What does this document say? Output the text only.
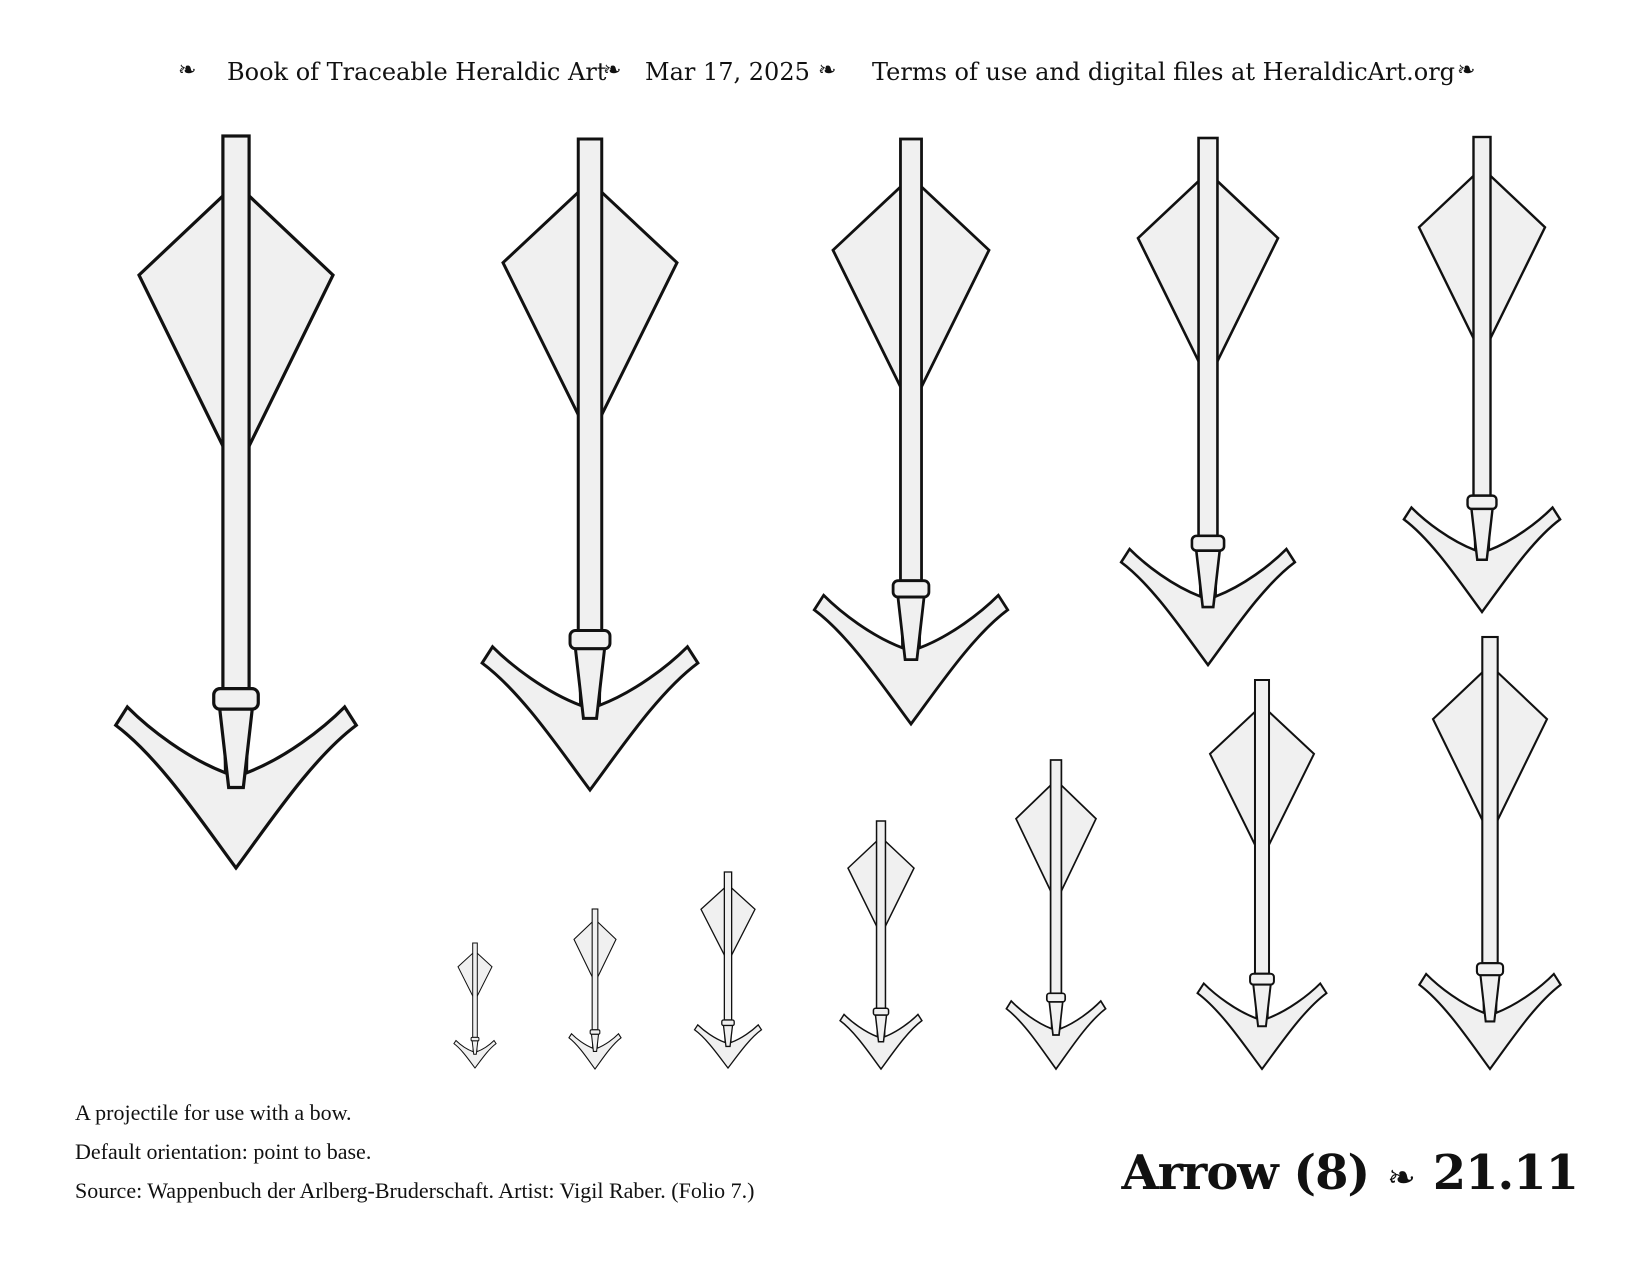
❧ Book of Traceable Heraldic Art
❧ Mar 17, 2025 ❧ Terms of use and digital files at HeraldicArt.org ❧
A projectile for use with a bow.
Default orientation: point to base.
Source: Wappenbuch der Arlberg-Bruderschaft. Artist: Vigil Raber. (Folio 7.)	Arrow (8) ❧ 21.11
